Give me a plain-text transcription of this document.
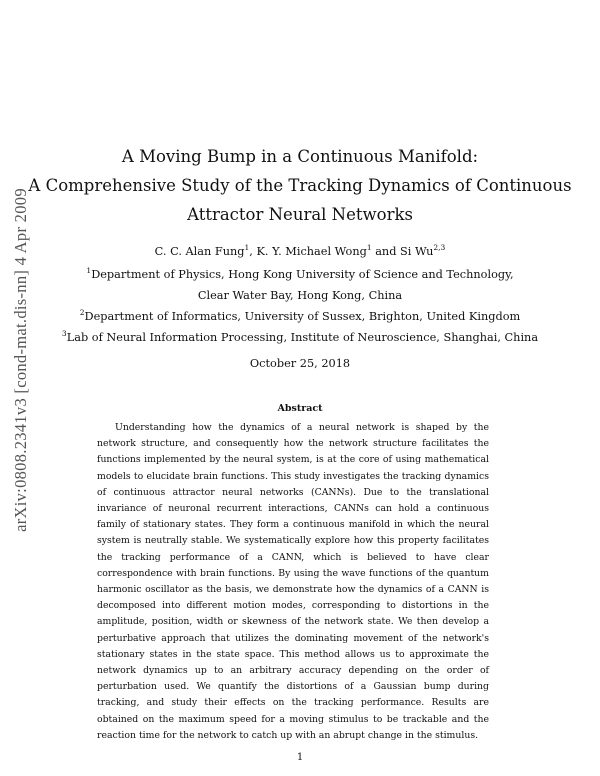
arXiv:0808.2341v3 [cond-mat.dis-nn] 4 Apr 2009
A Moving Bump in a Continuous Manifold:
A Comprehensive Study of the Tracking Dynamics of Continuous
Attractor Neural Networks
C. C. Alan Fung$^1$, K. Y. Michael Wong$^1$ and Si Wu$^{2,3}$
$^1$Department of Physics, Hong Kong University of Science and Technology,
Clear Water Bay, Hong Kong, China
$^2$Department of Informatics, University of Sussex, Brighton, United Kingdom
$^3$Lab of Neural Information Processing, Institute of Neuroscience, Shanghai, China
October 25, 2018
Abstract

Understanding how the dynamics of a neural network is shaped by the network structure, and consequently how the network structure facilitates the functions implemented by the neural system, is at the core of using mathematical models to elucidate brain functions. This study investigates the tracking dynamics of continuous attractor neural networks (CANNs). Due to the translational invariance of neuronal recurrent interactions, CANNs can hold a continuous family of stationary states. They form a continuous manifold in which the neural system is neutrally stable. We systematically explore how this property facilitates the tracking performance of a CANN, which is believed to have clear correspondence with brain functions. By using the wave functions of the quantum harmonic oscillator as the basis, we demonstrate how the dynamics of a CANN is decomposed into different motion modes, corresponding to distortions in the amplitude, position, width or skewness of the network state. We then develop a perturbative approach that utilizes the dominating movement of the network's stationary states in the state space. This method allows us to approximate the network dynamics up to an arbitrary accuracy depending on the order of perturbation used. We quantify the distortions of a Gaussian bump during tracking, and study their effects on the tracking performance. Results are obtained on the maximum speed for a moving stimulus to be trackable and the reaction time for the network to catch up with an abrupt change in the stimulus.

1
